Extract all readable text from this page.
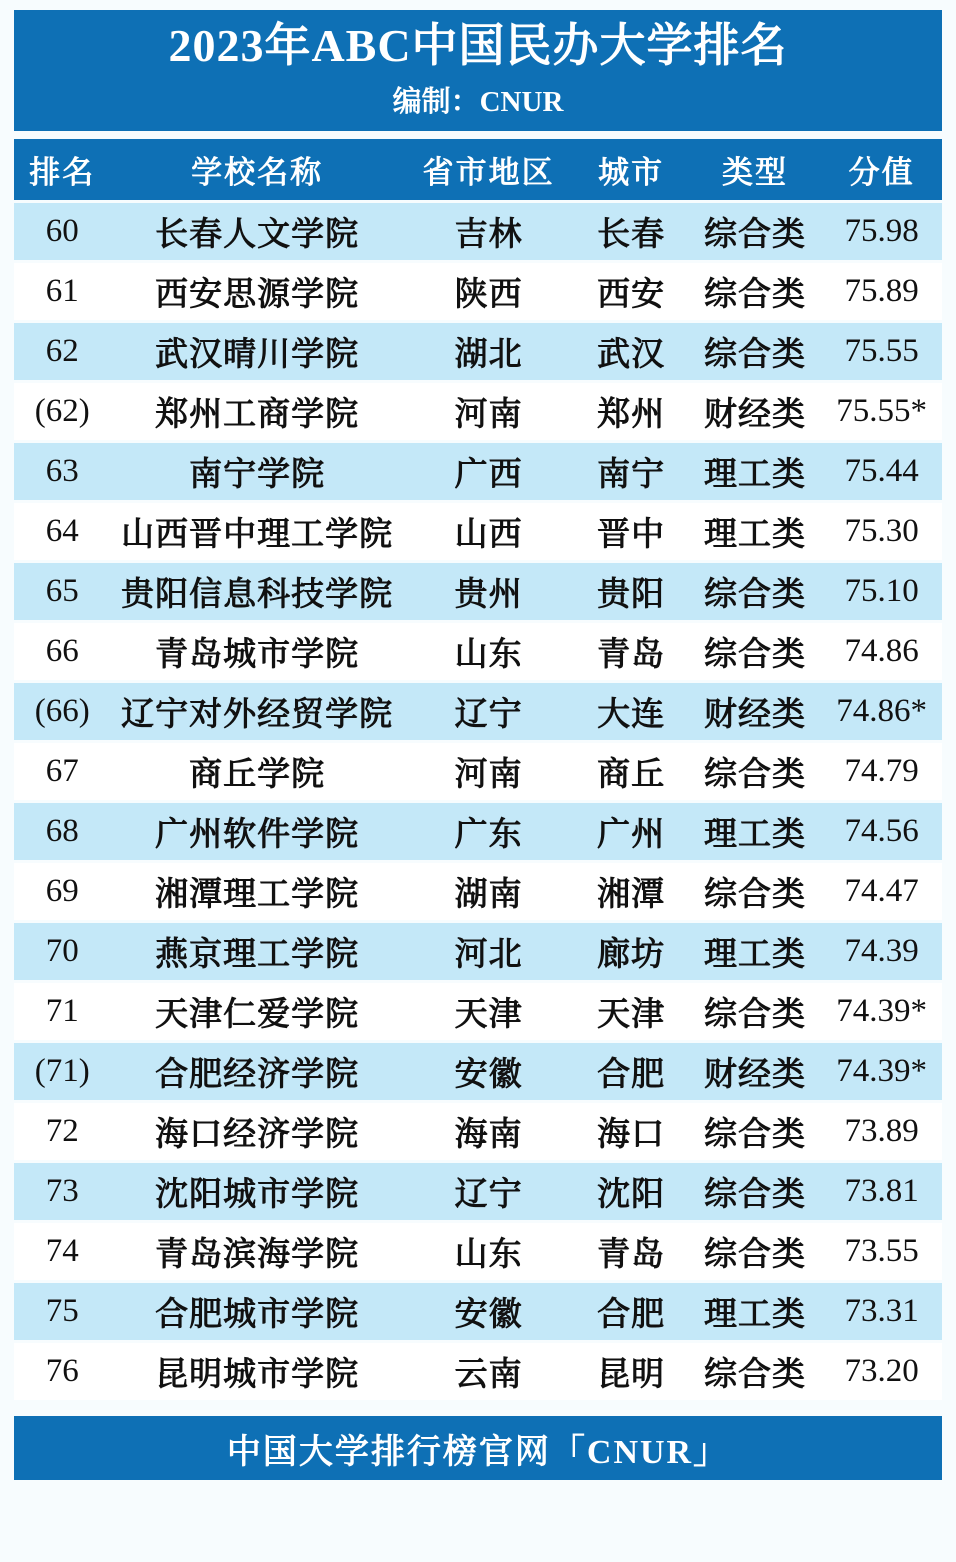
2023年ABC中国民办大学排名
编制：CNUR
排名	学校名称	省市地区	城市	类型	分值
60	长春人文学院	吉林	长春	综合类	75.98
61	西安思源学院	陕西	西安	综合类	75.89
62	武汉晴川学院	湖北	武汉	综合类	75.55
(62)	郑州工商学院	河南	郑州	财经类	75.55*
63	南宁学院	广西	南宁	理工类	75.44
64	山西晋中理工学院	山西	晋中	理工类	75.30
65	贵阳信息科技学院	贵州	贵阳	综合类	75.10
66	青岛城市学院	山东	青岛	综合类	74.86
(66)	辽宁对外经贸学院	辽宁	大连	财经类	74.86*
67	商丘学院	河南	商丘	综合类	74.79
68	广州软件学院	广东	广州	理工类	74.56
69	湘潭理工学院	湖南	湘潭	综合类	74.47
70	燕京理工学院	河北	廊坊	理工类	74.39
71	天津仁爱学院	天津	天津	综合类	74.39*
(71)	合肥经济学院	安徽	合肥	财经类	74.39*
72	海口经济学院	海南	海口	综合类	73.89
73	沈阳城市学院	辽宁	沈阳	综合类	73.81
74	青岛滨海学院	山东	青岛	综合类	73.55
75	合肥城市学院	安徽	合肥	理工类	73.31
76	昆明城市学院	云南	昆明	综合类	73.20
中国大学排行榜官网「CNUR」
